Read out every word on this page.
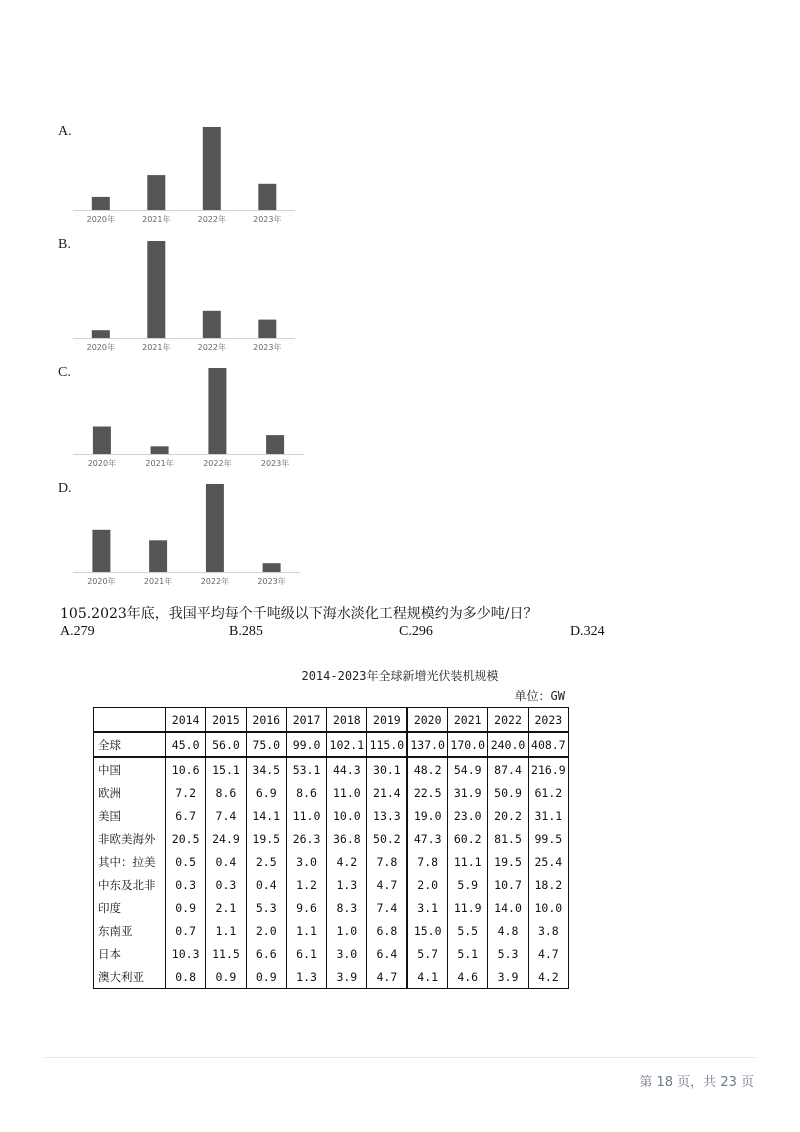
A.
B.
C.
D.
2020年	2021年	2022年	2023年
2020年	2021年	2022年	2023年
2020年	2021年	2022年	2023年
2020年	2021年	2022年	2023年
105.2023年底，我国平均每个千吨级以下海水淡化工程规模约为多少吨/日？
A.279	B.285	C.296	D.324
2014-2023年全球新增光伏装机规模
单位：GW
	2014	2015	2016	2017	2018	2019	2020	2021	2022	2023
全球	45.0	56.0	75.0	99.0	102.1	115.0	137.0	170.0	240.0	408.7
中国	10.6	15.1	34.5	53.1	44.3	30.1	48.2	54.9	87.4	216.9
欧洲	7.2	8.6	6.9	8.6	11.0	21.4	22.5	31.9	50.9	61.2
美国	6.7	7.4	14.1	11.0	10.0	13.3	19.0	23.0	20.2	31.1
非欧美海外	20.5	24.9	19.5	26.3	36.8	50.2	47.3	60.2	81.5	99.5
其中：拉美	0.5	0.4	2.5	3.0	4.2	7.8	7.8	11.1	19.5	25.4
中东及北非	0.3	0.3	0.4	1.2	1.3	4.7	2.0	5.9	10.7	18.2
印度	0.9	2.1	5.3	9.6	8.3	7.4	3.1	11.9	14.0	10.0
东南亚	0.7	1.1	2.0	1.1	1.0	6.8	15.0	5.5	4.8	3.8
日本	10.3	11.5	6.6	6.1	3.0	6.4	5.7	5.1	5.3	4.7
澳大利亚	0.8	0.9	0.9	1.3	3.9	4.7	4.1	4.6	3.9	4.2
第 18 页，共 23 页
